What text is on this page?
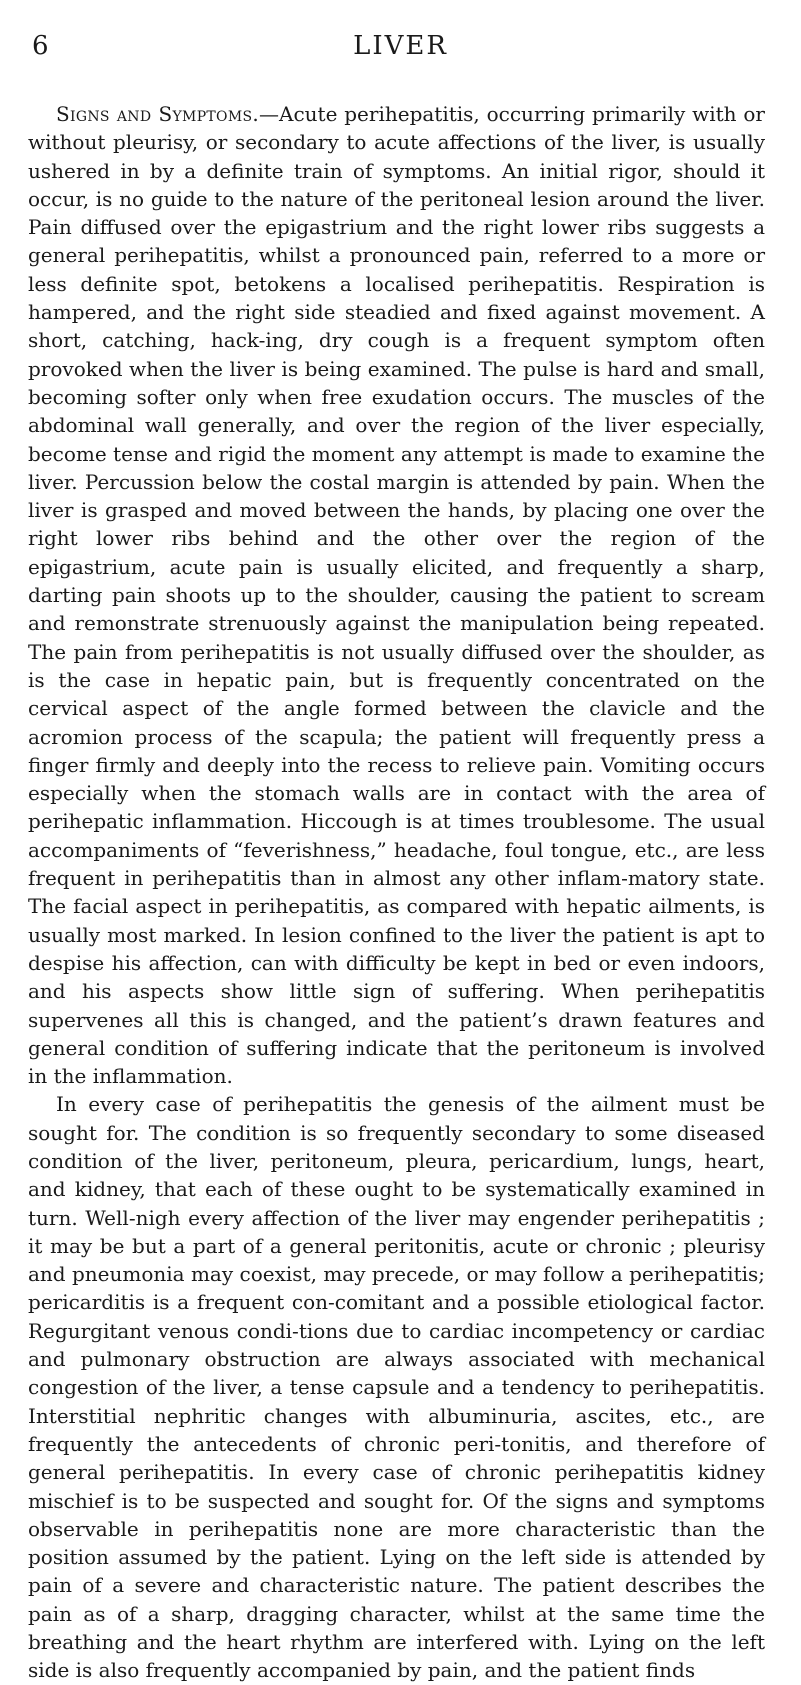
6	LIVER

Signs and Symptoms.—Acute perihepatitis, occurring primarily with or without pleurisy, or secondary to acute affections of the liver, is usually ushered in by a definite train of symptoms. An initial rigor, should it occur, is no guide to the nature of the peritoneal lesion around the liver. Pain diffused over the epigastrium and the right lower ribs suggests a general perihepatitis, whilst a pronounced pain, referred to a more or less definite spot, betokens a localised perihepatitis. Respiration is hampered, and the right side steadied and fixed against movement. A short, catching, hack-ing, dry cough is a frequent symptom often provoked when the liver is being examined. The pulse is hard and small, becoming softer only when free exudation occurs. The muscles of the abdominal wall generally, and over the region of the liver especially, become tense and rigid the moment any attempt is made to examine the liver. Percussion below the costal margin is attended by pain. When the liver is grasped and moved between the hands, by placing one over the right lower ribs behind and the other over the region of the epigastrium, acute pain is usually elicited, and frequently a sharp, darting pain shoots up to the shoulder, causing the patient to scream and remonstrate strenuously against the manipulation being repeated. The pain from perihepatitis is not usually diffused over the shoulder, as is the case in hepatic pain, but is frequently concentrated on the cervical aspect of the angle formed between the clavicle and the acromion process of the scapula; the patient will frequently press a finger firmly and deeply into the recess to relieve pain. Vomiting occurs especially when the stomach walls are in contact with the area of perihepatic inflammation. Hiccough is at times troublesome. The usual accompaniments of “feverishness,” headache, foul tongue, etc., are less frequent in perihepatitis than in almost any other inflam-matory state. The facial aspect in perihepatitis, as compared with hepatic ailments, is usually most marked. In lesion confined to the liver the patient is apt to despise his affection, can with difficulty be kept in bed or even indoors, and his aspects show little sign of suffering. When perihepatitis supervenes all this is changed, and the patient’s drawn features and general condition of suffering indicate that the peritoneum is involved in the inflammation.

In every case of perihepatitis the genesis of the ailment must be sought for. The condition is so frequently secondary to some diseased condition of the liver, peritoneum, pleura, pericardium, lungs, heart, and kidney, that each of these ought to be systematically examined in turn. Well-nigh every affection of the liver may engender perihepatitis ; it may be but a part of a general peritonitis, acute or chronic ; pleurisy and pneumonia may coexist, may precede, or may follow a perihepatitis; pericarditis is a frequent con-comitant and a possible etiological factor. Regurgitant venous condi-tions due to cardiac incompetency or cardiac and pulmonary obstruction are always associated with mechanical congestion of the liver, a tense capsule and a tendency to perihepatitis. Interstitial nephritic changes with albuminuria, ascites, etc., are frequently the antecedents of chronic peri-tonitis, and therefore of general perihepatitis. In every case of chronic perihepatitis kidney mischief is to be suspected and sought for. Of the signs and symptoms observable in perihepatitis none are more characteristic than the position assumed by the patient. Lying on the left side is attended by pain of a severe and characteristic nature. The patient describes the pain as of a sharp, dragging character, whilst at the same time the breathing and the heart rhythm are interfered with. Lying on the left side is also frequently accompanied by pain, and the patient finds
